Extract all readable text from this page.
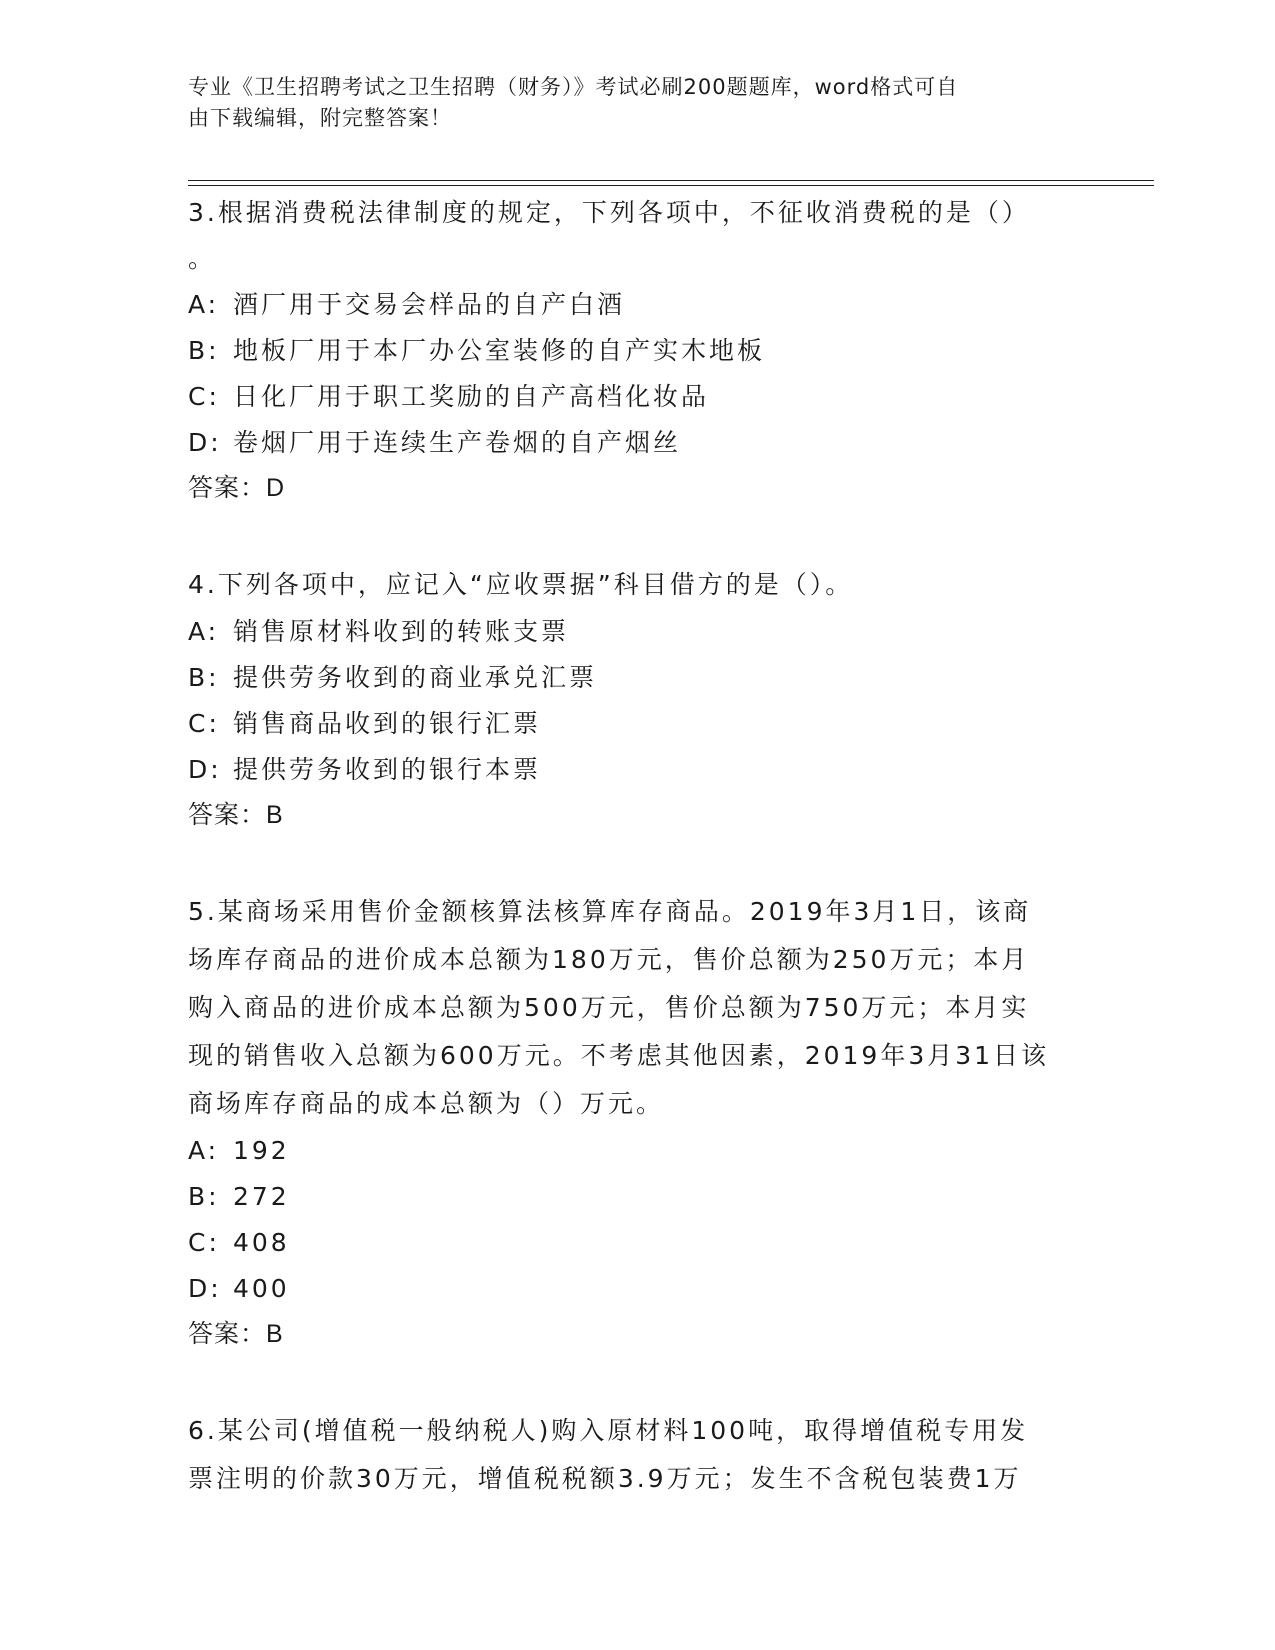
专业《卫生招聘考试之卫生招聘（财务）》考试必刷200题题库，word格式可自
由下载编辑，附完整答案！

3.根据消费税法律制度的规定，下列各项中，不征收消费税的是（）

。

A: 酒厂用于交易会样品的自产白酒
B: 地板厂用于本厂办公室装修的自产实木地板
C: 日化厂用于职工奖励的自产高档化妆品
D: 卷烟厂用于连续生产卷烟的自产烟丝

答案：D

4.下列各项中，应记入“应收票据”科目借方的是（）。

A: 销售原材料收到的转账支票
B: 提供劳务收到的商业承兑汇票
C: 销售商品收到的银行汇票
D: 提供劳务收到的银行本票

答案：B

5.某商场采用售价金额核算法核算库存商品。2019年3月1日，该商

场库存商品的进价成本总额为180万元，售价总额为250万元；本月

购入商品的进价成本总额为500万元，售价总额为750万元；本月实

现的销售收入总额为600万元。不考虑其他因素，2019年3月31日该

商场库存商品的成本总额为（）万元。

A: 192
B: 272
C: 408
D: 400

答案：B

6.某公司(增值税一般纳税人)购入原材料100吨，取得增值税专用发

票注明的价款30万元，增值税税额3.9万元；发生不含税包装费1万
